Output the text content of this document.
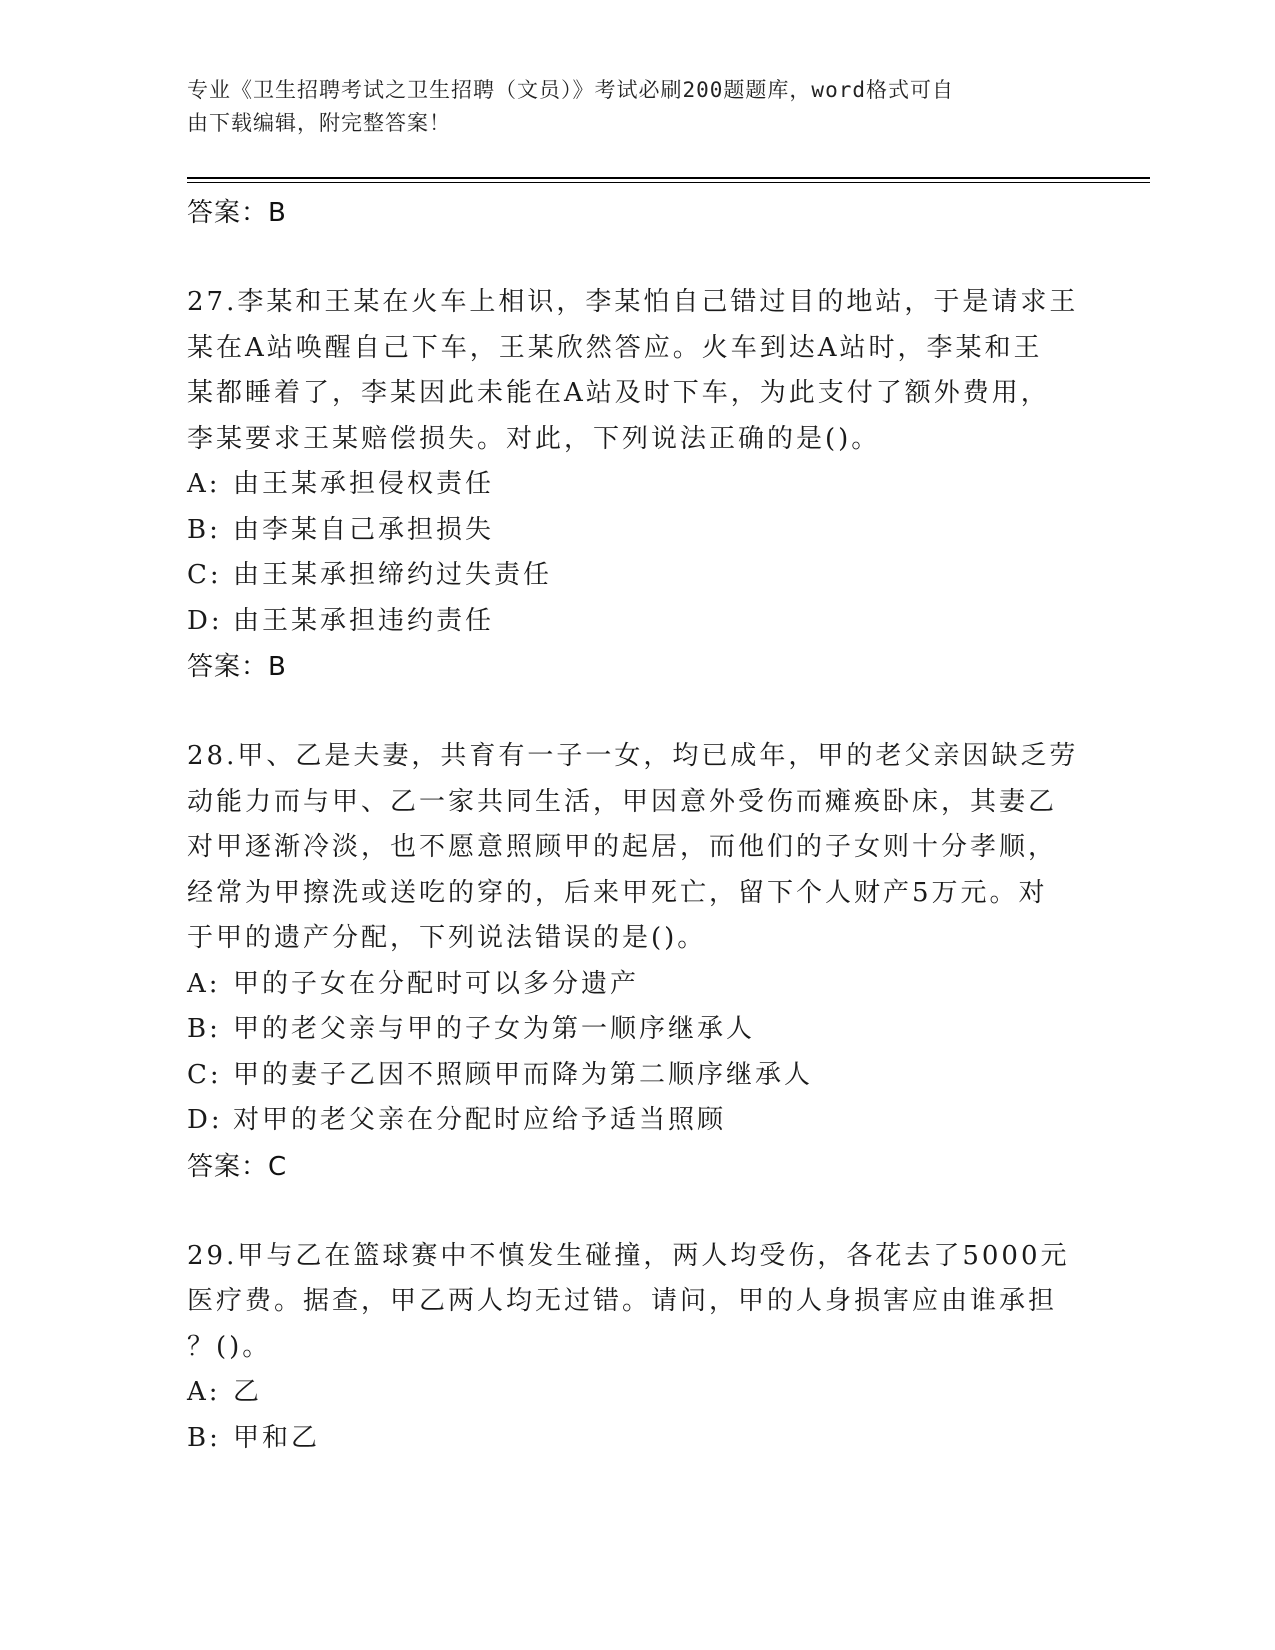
专业《卫生招聘考试之卫生招聘（文员）》考试必刷200题题库，word格式可自
由下载编辑，附完整答案！
答案：B
27.李某和王某在火车上相识，李某怕自己错过目的地站，于是请求王
某在A站唤醒自己下车，王某欣然答应。火车到达A站时，李某和王
某都睡着了，李某因此未能在A站及时下车，为此支付了额外费用，
李某要求王某赔偿损失。对此，下列说法正确的是()。
A: 由王某承担侵权责任
B: 由李某自己承担损失
C: 由王某承担缔约过失责任
D: 由王某承担违约责任
答案：B
28.甲、乙是夫妻，共育有一子一女，均已成年，甲的老父亲因缺乏劳
动能力而与甲、乙一家共同生活，甲因意外受伤而瘫痪卧床，其妻乙
对甲逐渐冷淡，也不愿意照顾甲的起居，而他们的子女则十分孝顺，
经常为甲擦洗或送吃的穿的，后来甲死亡，留下个人财产5万元。对
于甲的遗产分配，下列说法错误的是()。
A: 甲的子女在分配时可以多分遗产
B: 甲的老父亲与甲的子女为第一顺序继承人
C: 甲的妻子乙因不照顾甲而降为第二顺序继承人
D: 对甲的老父亲在分配时应给予适当照顾
答案：C
29.甲与乙在篮球赛中不慎发生碰撞，两人均受伤，各花去了5000元
医疗费。据查，甲乙两人均无过错。请问，甲的人身损害应由谁承担
？()。
A: 乙
B: 甲和乙
